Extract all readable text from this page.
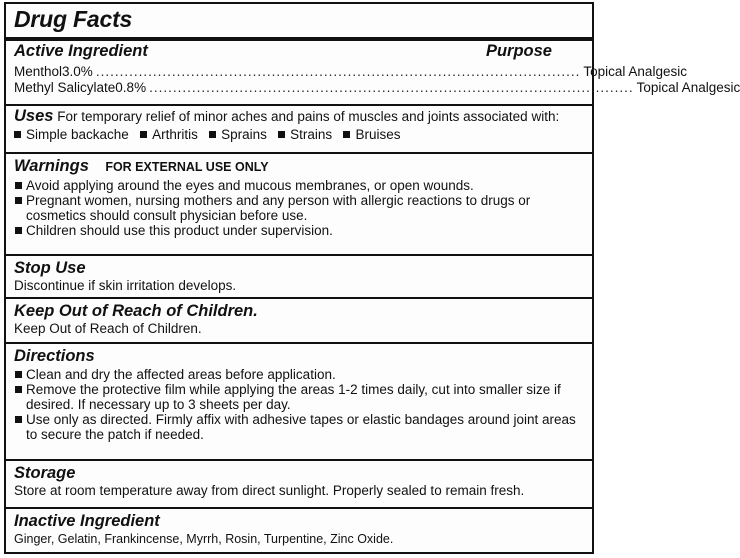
Drug Facts
Active Ingredient	Purpose
Menthol 3.0% ...................................................................................................... Topical Analgesic
Methyl Salicylate 0.8% ...................................................................................................... Topical Analgesic
Uses For temporary relief of minor aches and pains of muscles and joints associated with:
Simple backache Arthritis Sprains Strains Bruises
Warnings FOR EXTERNAL USE ONLY
Avoid applying around the eyes and mucous membranes, or open wounds.
Pregnant women, nursing mothers and any person with allergic reactions to drugs or cosmetics should consult physician before use.
Children should use this product under supervision.
Stop Use
Discontinue if skin irritation develops.
Keep Out of Reach of Children.
Keep Out of Reach of Children.
Directions
Clean and dry the affected areas before application.
Remove the protective film while applying the areas 1-2 times daily, cut into smaller size if desired. If necessary up to 3 sheets per day.
Use only as directed. Firmly affix with adhesive tapes or elastic bandages around joint areas to secure the patch if needed.
Storage
Store at room temperature away from direct sunlight. Properly sealed to remain fresh.
Inactive Ingredient
Ginger, Gelatin, Frankincense, Myrrh, Rosin, Turpentine, Zinc Oxide.
